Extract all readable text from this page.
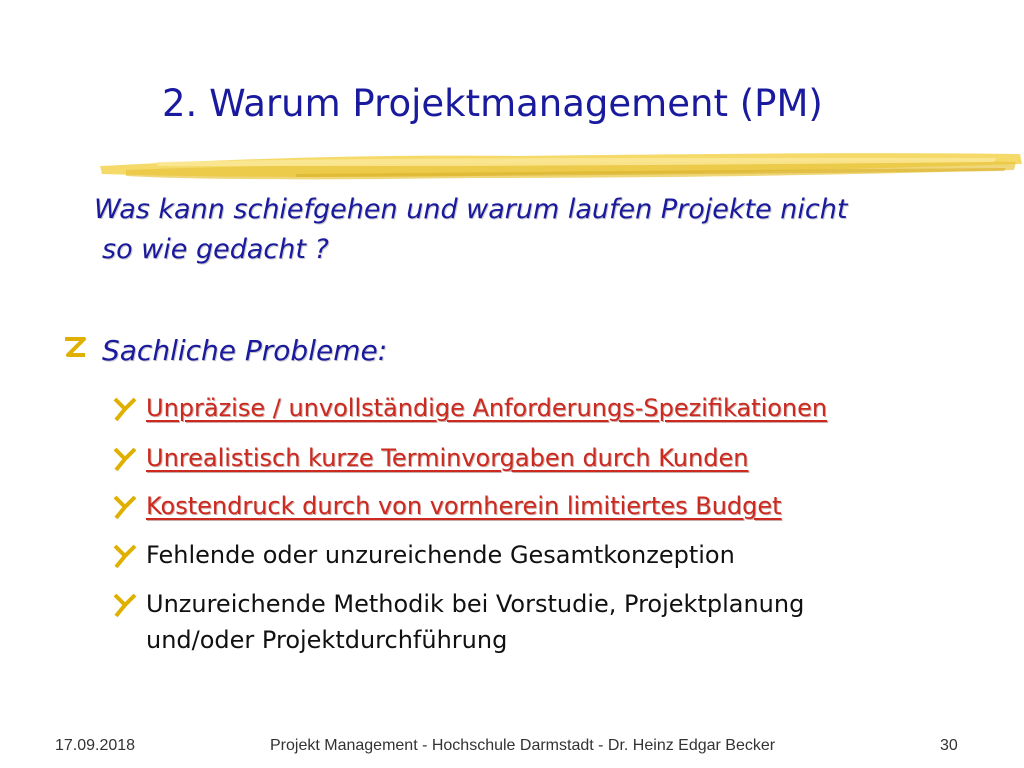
2. Warum Projektmanagement (PM)
Was kann schiefgehen und warum laufen Projekte nicht
so wie gedacht ?
Sachliche Probleme:
Unpräzise / unvollständige Anforderungs-Spezifikationen
Unrealistisch kurze Terminvorgaben durch Kunden
Kostendruck durch von vornherein limitiertes Budget
Fehlende oder unzureichende Gesamtkonzeption
Unzureichende Methodik bei Vorstudie, Projektplanung
und/oder Projektdurchführung
17.09.2018	Projekt Management - Hochschule Darmstadt - Dr. Heinz Edgar Becker	30
